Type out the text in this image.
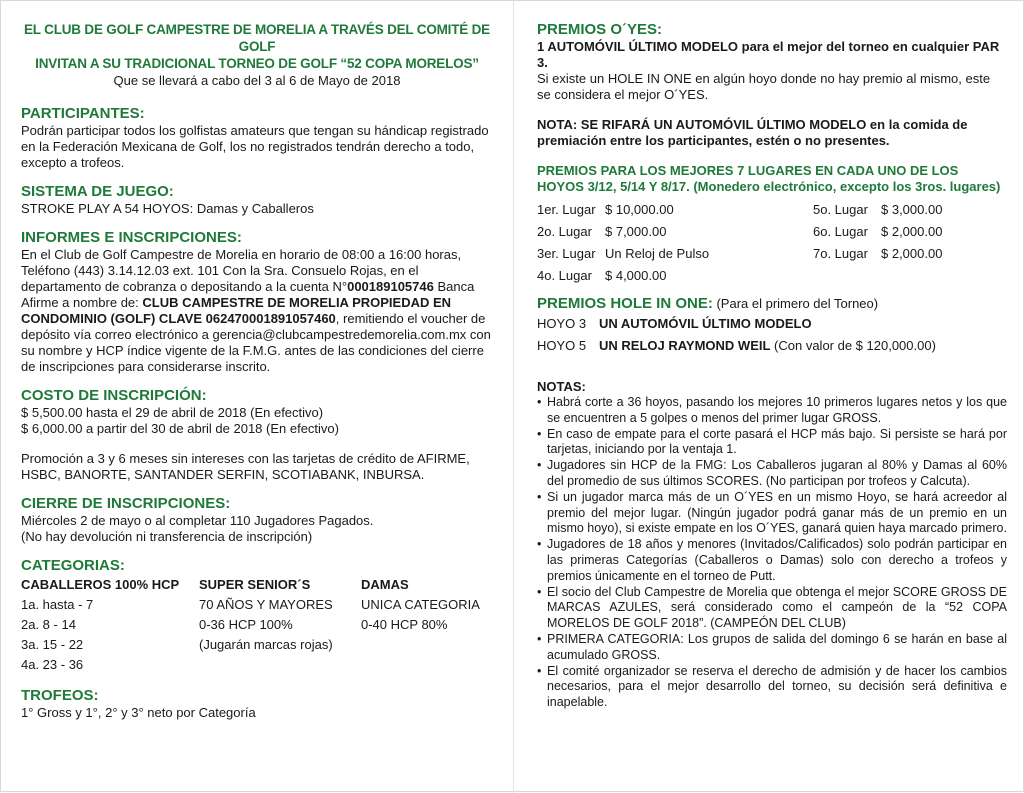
EL CLUB DE GOLF CAMPESTRE DE MORELIA A TRAVÉS DEL COMITÉ DE GOLF
INVITAN A SU TRADICIONAL TORNEO DE GOLF “52 COPA MORELOS”
Que se llevará a cabo del 3 al 6 de Mayo de 2018
PARTICIPANTES:

Podrán participar todos los golfistas amateurs que tengan su hándicap registrado en la Federación Mexicana de Golf, los no registrados tendrán derecho a todo, excepto a trofeos.

SISTEMA DE JUEGO:

STROKE PLAY A 54 HOYOS: Damas y Caballeros

INFORMES E INSCRIPCIONES:

En el Club de Golf Campestre de Morelia en horario de 08:00 a 16:00 horas, Teléfono (443) 3.14.12.03 ext. 101 Con la Sra. Consuelo Rojas, en el departamento de cobranza o depositando a la cuenta N°000189105746 Banca Afirme a nombre de: CLUB CAMPESTRE DE MORELIA PROPIEDAD EN CONDOMINIO (GOLF) CLAVE 062470001891057460, remitiendo el voucher de depósito vía correo electrónico a gerencia@clubcampestredemorelia.com.mx con su nombre y HCP índice vigente de la F.M.G. antes de las condiciones del cierre de inscripciones para considerarse inscrito.

COSTO DE INSCRIPCIÓN:

$ 5,500.00 hasta el 29 de abril de 2018 (En efectivo)

$ 6,000.00 a partir del 30 de abril de 2018 (En efectivo)

Promoción a 3 y 6 meses sin intereses con las tarjetas de crédito de AFIRME, HSBC, BANORTE, SANTANDER SERFIN, SCOTIABANK, INBURSA.

CIERRE DE INSCRIPCIONES:

Miércoles 2 de mayo o al completar 110 Jugadores Pagados.

(No hay devolución ni transferencia de inscripción)

CATEGORIAS:
CABALLEROS 100% HCP	SUPER SENIOR´S	DAMAS
1a. hasta - 7	70 AÑOS Y MAYORES	UNICA CATEGORIA
2a. 8 - 14	0-36 HCP 100%	0-40 HCP 80%
3a. 15 - 22	(Jugarán marcas rojas)
4a. 23 - 36
TROFEOS:

1° Gross y 1°, 2° y 3° neto por Categoría

PREMIOS O´YES:

1 AUTOMÓVIL ÚLTIMO MODELO para el mejor del torneo en cualquier PAR 3.

Si existe un HOLE IN ONE en algún hoyo donde no hay premio al mismo, este se considera el mejor O´YES.

NOTA: SE RIFARÁ UN AUTOMÓVIL ÚLTIMO MODELO en la comida de premiación entre los participantes, estén o no presentes.

PREMIOS PARA LOS MEJORES 7 LUGARES EN CADA UNO DE LOS HOYOS 3/12, 5/14 Y 8/17. (Monedero electrónico, excepto los 3ros. lugares)
1er. Lugar $ 10,000.00	5o. Lugar	$ 3,000.00
2o. Lugar	$ 7,000.00	6o. Lugar	$ 2,000.00
3er. Lugar Un Reloj de Pulso	7o. Lugar	$ 2,000.00
4o. Lugar	$ 4,000.00
PREMIOS HOLE IN ONE: (Para el primero del Torneo)
HOYO 3 UN AUTOMÓVIL ÚLTIMO MODELO
HOYO 5 UN RELOJ RAYMOND WEIL (Con valor de $ 120,000.00)
NOTAS:
• Habrá corte a 36 hoyos, pasando los mejores 10 primeros lugares netos y los que se encuentren a 5 golpes o menos del primer lugar GROSS.
• En caso de empate para el corte pasará el HCP más bajo. Si persiste se hará por tarjetas, iniciando por la ventaja 1.
• Jugadores sin HCP de la FMG: Los Caballeros jugaran al 80% y Damas al 60% del promedio de sus últimos SCORES. (No participan por trofeos y Calcuta).
• Si un jugador marca más de un O´YES en un mismo Hoyo, se hará acreedor al premio del mejor lugar. (Ningún jugador podrá ganar más de un premio en un mismo hoyo), si existe empate en los O´YES, ganará quien haya marcado primero.
• Jugadores de 18 años y menores (Invitados/Calificados) solo podrán participar en las primeras Categorías (Caballeros o Damas) solo con derecho a trofeos y premios únicamente en el torneo de Putt.
• El socio del Club Campestre de Morelia que obtenga el mejor SCORE GROSS DE MARCAS AZULES, será considerado como el campeón de la “52 COPA MORELOS DE GOLF 2018”. (CAMPEÓN DEL CLUB)
• PRIMERA CATEGORIA: Los grupos de salida del domingo 6 se harán en base al acumulado GROSS.
• El comité organizador se reserva el derecho de admisión y de hacer los cambios necesarios, para el mejor desarrollo del torneo, su decisión será definitiva e inapelable.
